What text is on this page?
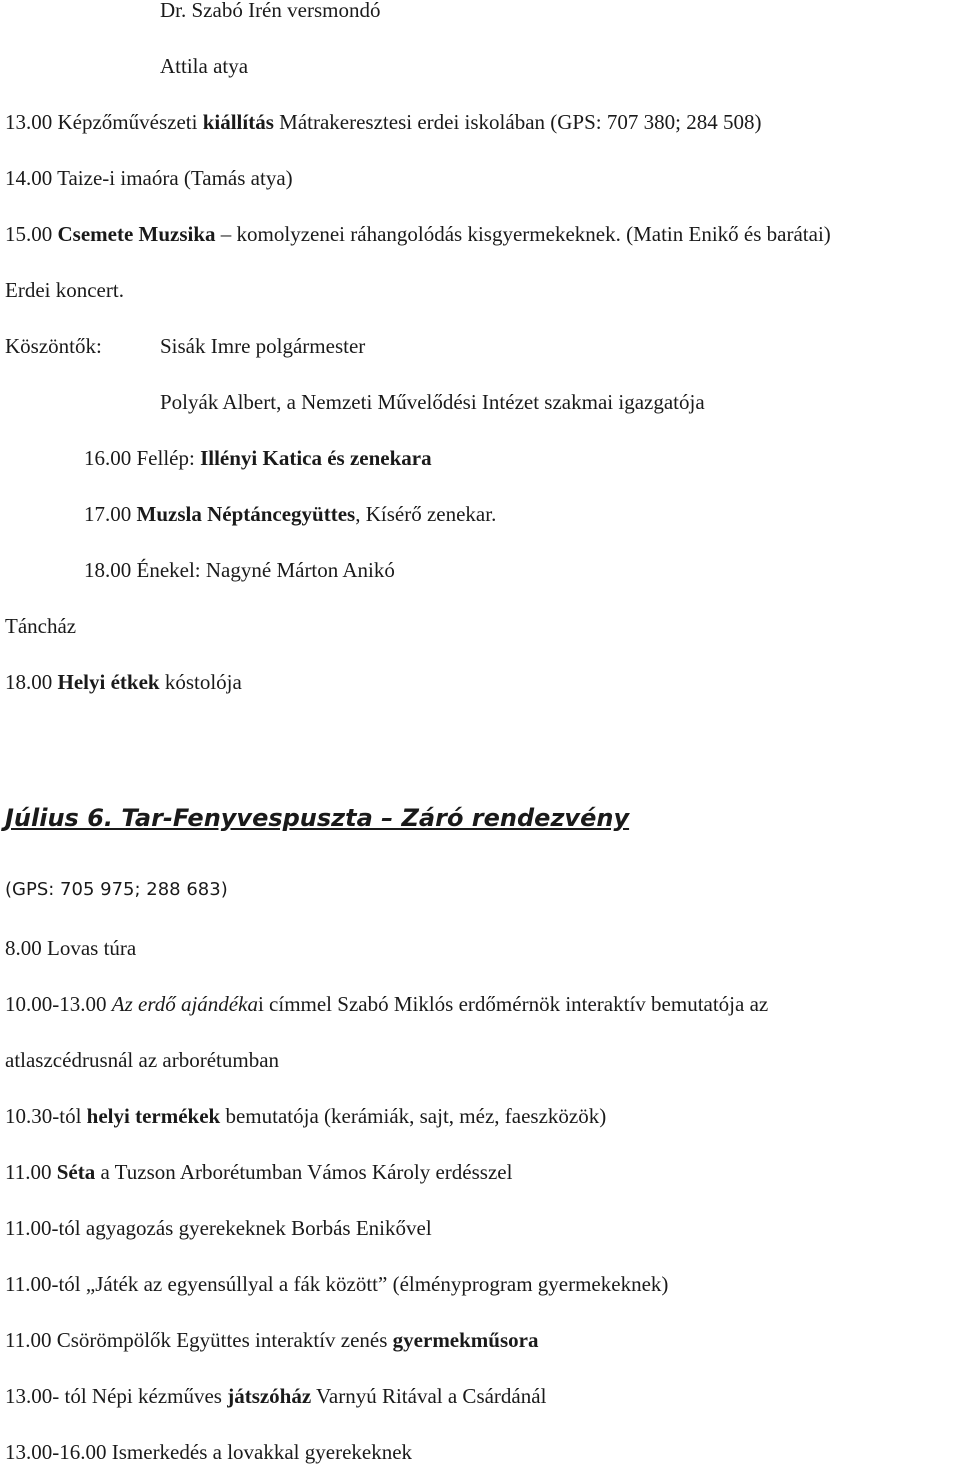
Dr. Szabó Irén versmondó
Attila atya
13.00 Képzőművészeti kiállítás Mátrakeresztesi erdei iskolában (GPS: 707 380; 284 508)
14.00 Taize-i imaóra (Tamás atya)
15.00 Csemete Muzsika – komolyzenei ráhangolódás kisgyermekeknek. (Matin Enikő és barátai)
Erdei koncert.
Köszöntők:	Sisák Imre polgármester
Polyák Albert, a Nemzeti Művelődési Intézet szakmai igazgatója
16.00 Fellép: Illényi Katica és zenekara
17.00 Muzsla Néptáncegyüttes, Kísérő zenekar.
18.00 Énekel: Nagyné Márton Anikó
Táncház
18.00 Helyi étkek kóstolója
Július 6. Tar-Fenyvespuszta – Záró rendezvény
(GPS: 705 975; 288 683)
8.00 Lovas túra
10.00-13.00 Az erdő ajándékai címmel Szabó Miklós erdőmérnök interaktív bemutatója az
atlaszcédrusnál az arborétumban
10.30-tól helyi termékek bemutatója (kerámiák, sajt, méz, faeszközök)
11.00 Séta a Tuzson Arborétumban Vámos Károly erdésszel
11.00-tól agyagozás gyerekeknek Borbás Enikővel
11.00-tól „Játék az egyensúllyal a fák között” (élményprogram gyermekeknek)
11.00 Csörömpölők Együttes interaktív zenés gyermekműsora
13.00- tól Népi kézműves játszóház Varnyú Ritával a Csárdánál
13.00-16.00 Ismerkedés a lovakkal gyerekeknek
